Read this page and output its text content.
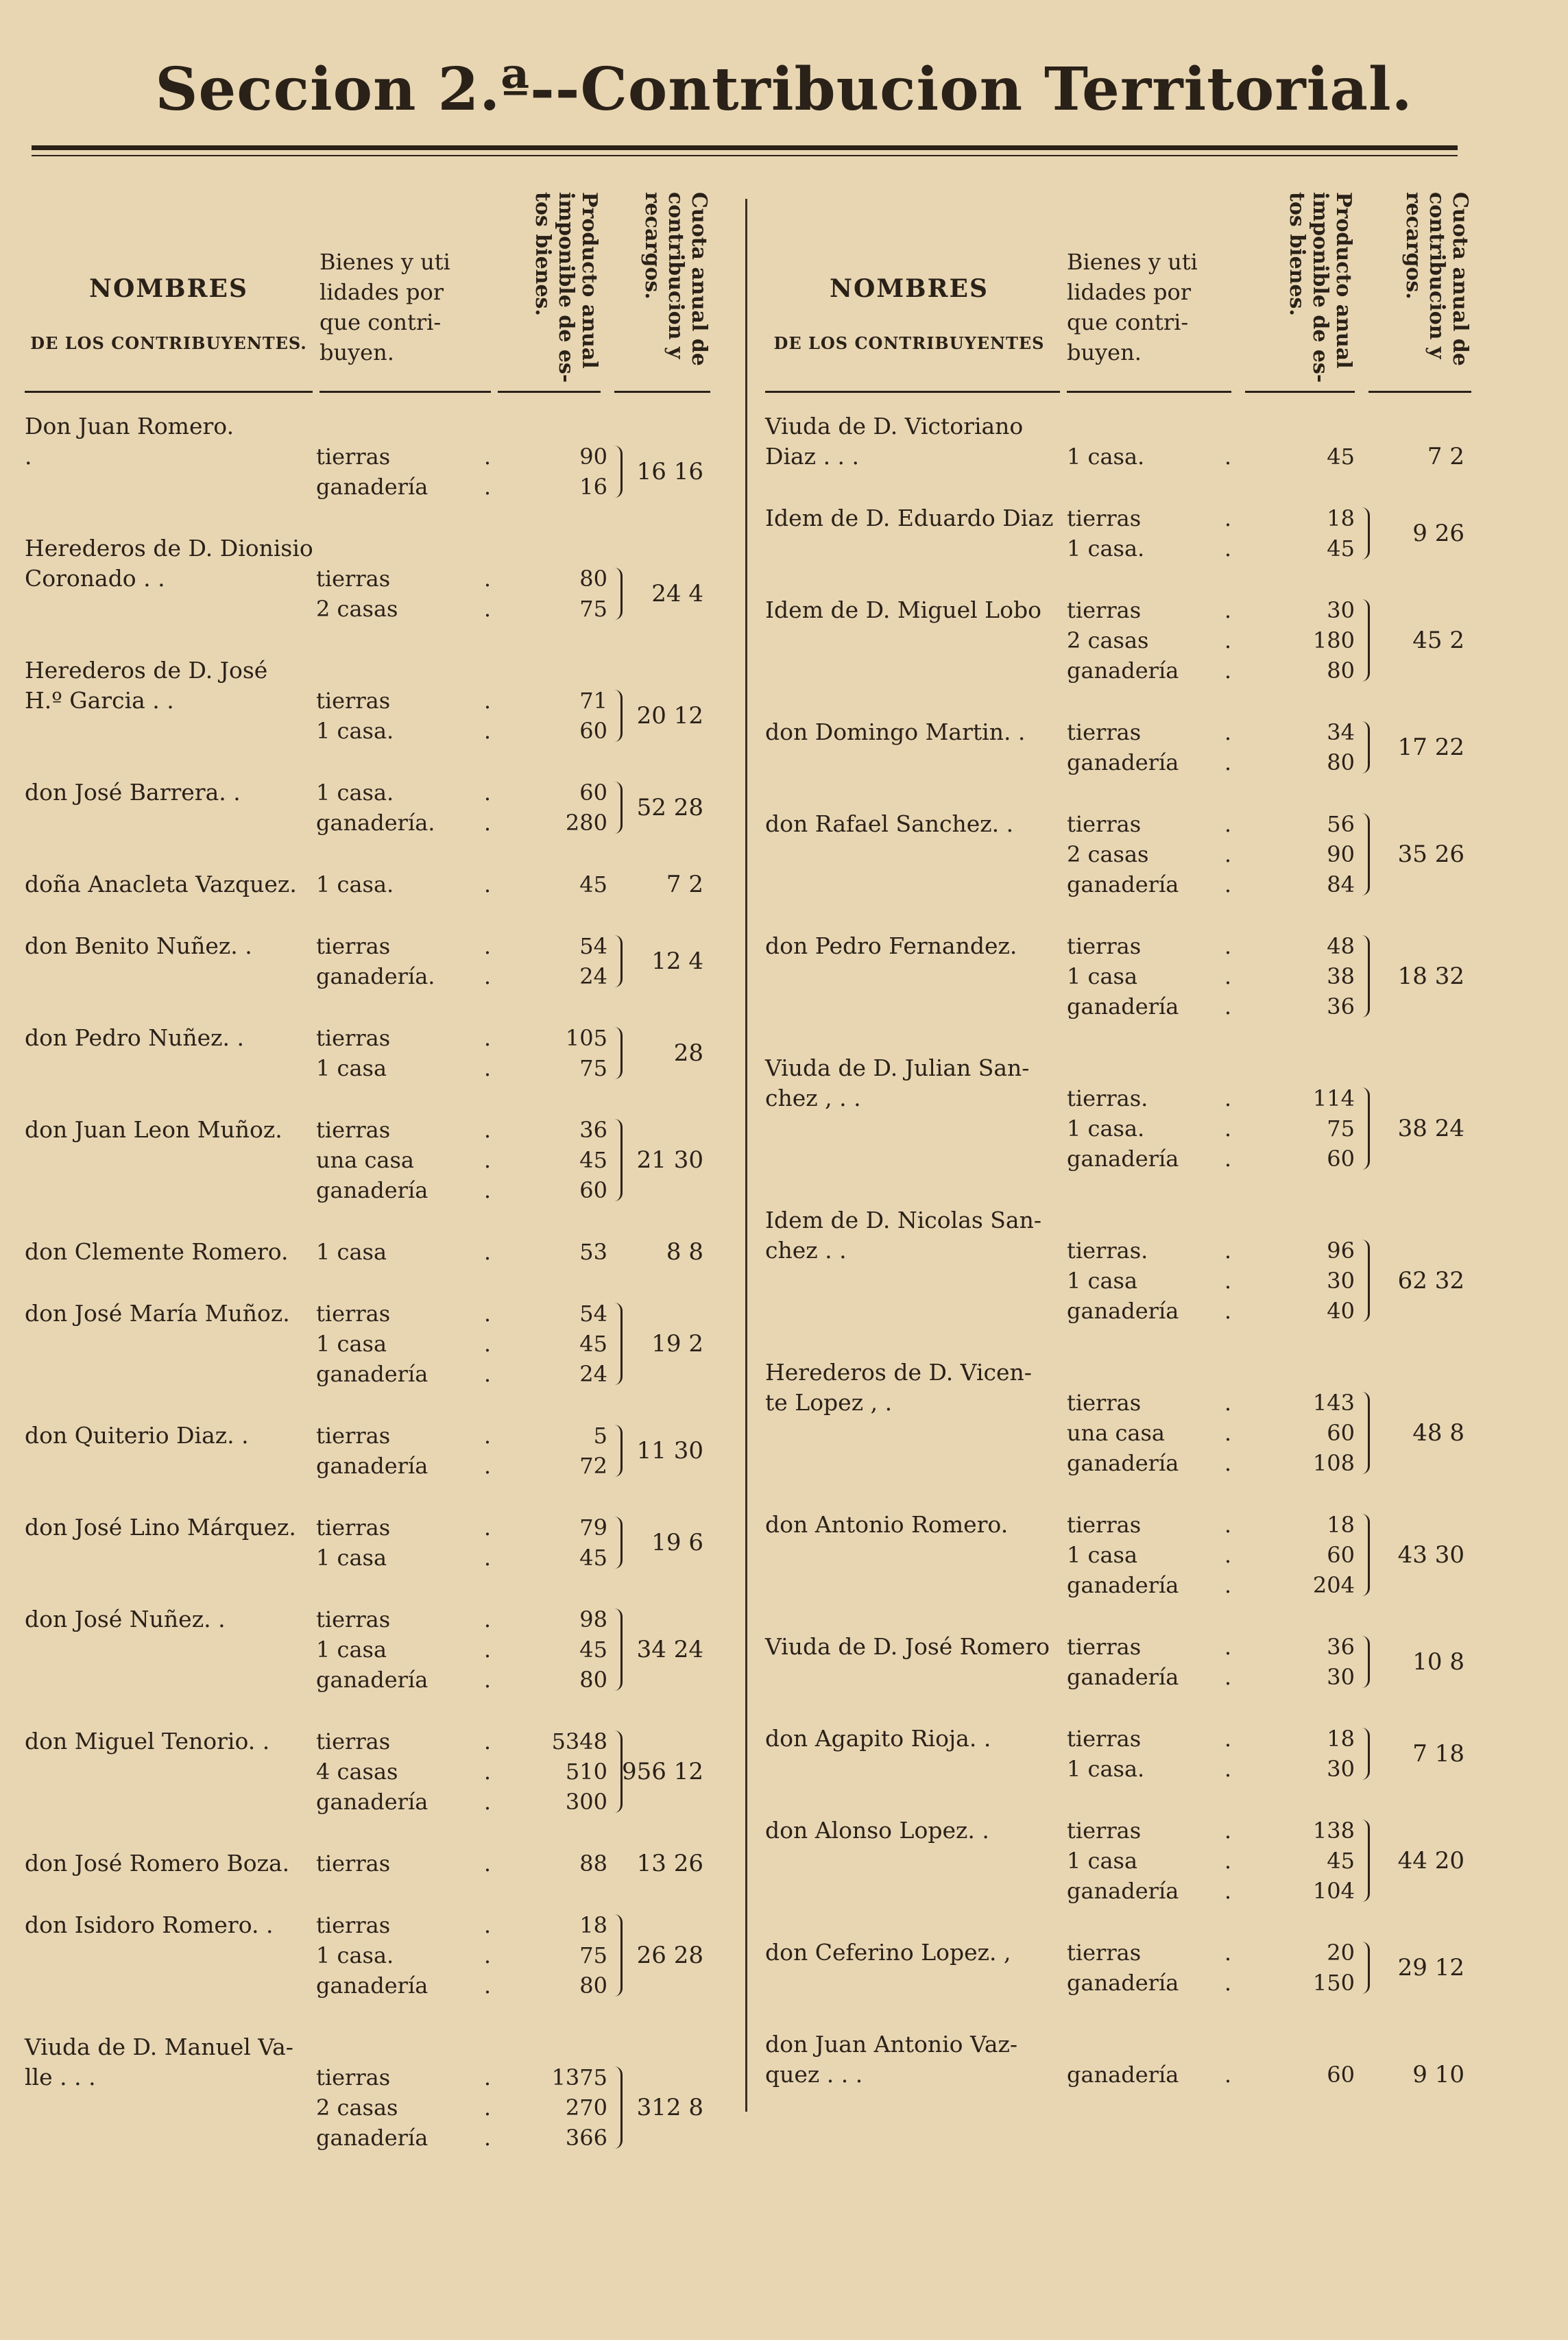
Seccion 2.ª--Contribucion Territorial.
NOMBRES
DE LOS CONTRIBUYENTES.
Bienes y uti lidades por que contri- buyen.	Producto anual imponible de es- tos bienes.	Cuota anual de contribucion y recargos.
Don Juan Romero.
.	tierras	.	90
ganadería	.	16
16 16
Herederos de D. Dionisio
Coronado . .	tierras	.	80
2 casas	.	75
24 4
Herederos de D. José
H.º Garcia . .	tierras	.	71
1 casa.	.	60
20 12
don José Barrera. .	1 casa.	.	60
ganadería.	.	280
52 28
doña Anacleta Vazquez. 1 casa.	.	45	7 2
don Benito Nuñez. .	tierras	.	54
ganadería.	.	24
12 4
don Pedro Nuñez. .	tierras	.	105
1 casa	.	75
28
don Juan Leon Muñoz. tierras	.	36
una casa	.	45
ganadería	.	60
21 30
don Clemente Romero. 1 casa	.	53	8 8
don José María Muñoz. tierras	.	54
1 casa	.	45
ganadería	.	24
19 2
don Quiterio Diaz. .	tierras	.	5
ganadería	.	72
11 30
don José Lino Márquez. tierras	.	79
1 casa	.	45
19 6
don José Nuñez. .	tierras	.	98
1 casa	.	45
ganadería	.	80
34 24
don Miguel Tenorio. . tierras	.	5348
4 casas	.	510
ganadería	.	300
956 12
don José Romero Boza. tierras	.	88	13 26
don Isidoro Romero. . tierras	.	18
1 casa.	.	75
ganadería	.	80
26 28
Viuda de D. Manuel Va-
lle . . .	tierras	.	1375
2 casas	.	270
ganadería	.	366
312 8
NOMBRES
DE LOS CONTRIBUYENTES
Bienes y uti lidades por que contri- buyen.	Producto anual imponible de es- tos bienes.	Cuota anual de contribucion y recargos.
Viuda de D. Victoriano
Diaz . . .	1 casa.	.	45	7 2
Idem de D. Eduardo Diaz tierras	.	18
1 casa.	.	45
9 26
Idem de D. Miguel Lobo tierras	.	30
2 casas	.	180
ganadería	.	80
45 2
don Domingo Martin. . tierras	.	34
ganadería	.	80
17 22
don Rafael Sanchez. . tierras	.	56
2 casas	.	90
ganadería	.	84
35 26
don Pedro Fernandez. tierras	.	48
1 casa	.	38
ganadería	.	36
18 32
Viuda de D. Julian San-
chez , . .	tierras.	.	114
1 casa.	.	75
ganadería	.	60
38 24
Idem de D. Nicolas San-
chez . .	tierras.	.	96
1 casa	.	30
ganadería	.	40
62 32
Herederos de D. Vicen-
te Lopez , .	tierras	.	143
una casa	.	60
ganadería	.	108
48 8
don Antonio Romero.	tierras	.	18
1 casa	.	60
ganadería	.	204
43 30
Viuda de D. José Romero tierras	.	36
ganadería	.	30
10 8
don Agapito Rioja. .	tierras	.	18
1 casa.	.	30
7 18
don Alonso Lopez. .	tierras	.	138
1 casa	.	45
ganadería	.	104
44 20
don Ceferino Lopez. ,	tierras	.	20
ganadería	.	150
29 12
don Juan Antonio Vaz-
quez . . .	ganadería	.	60	9 10
